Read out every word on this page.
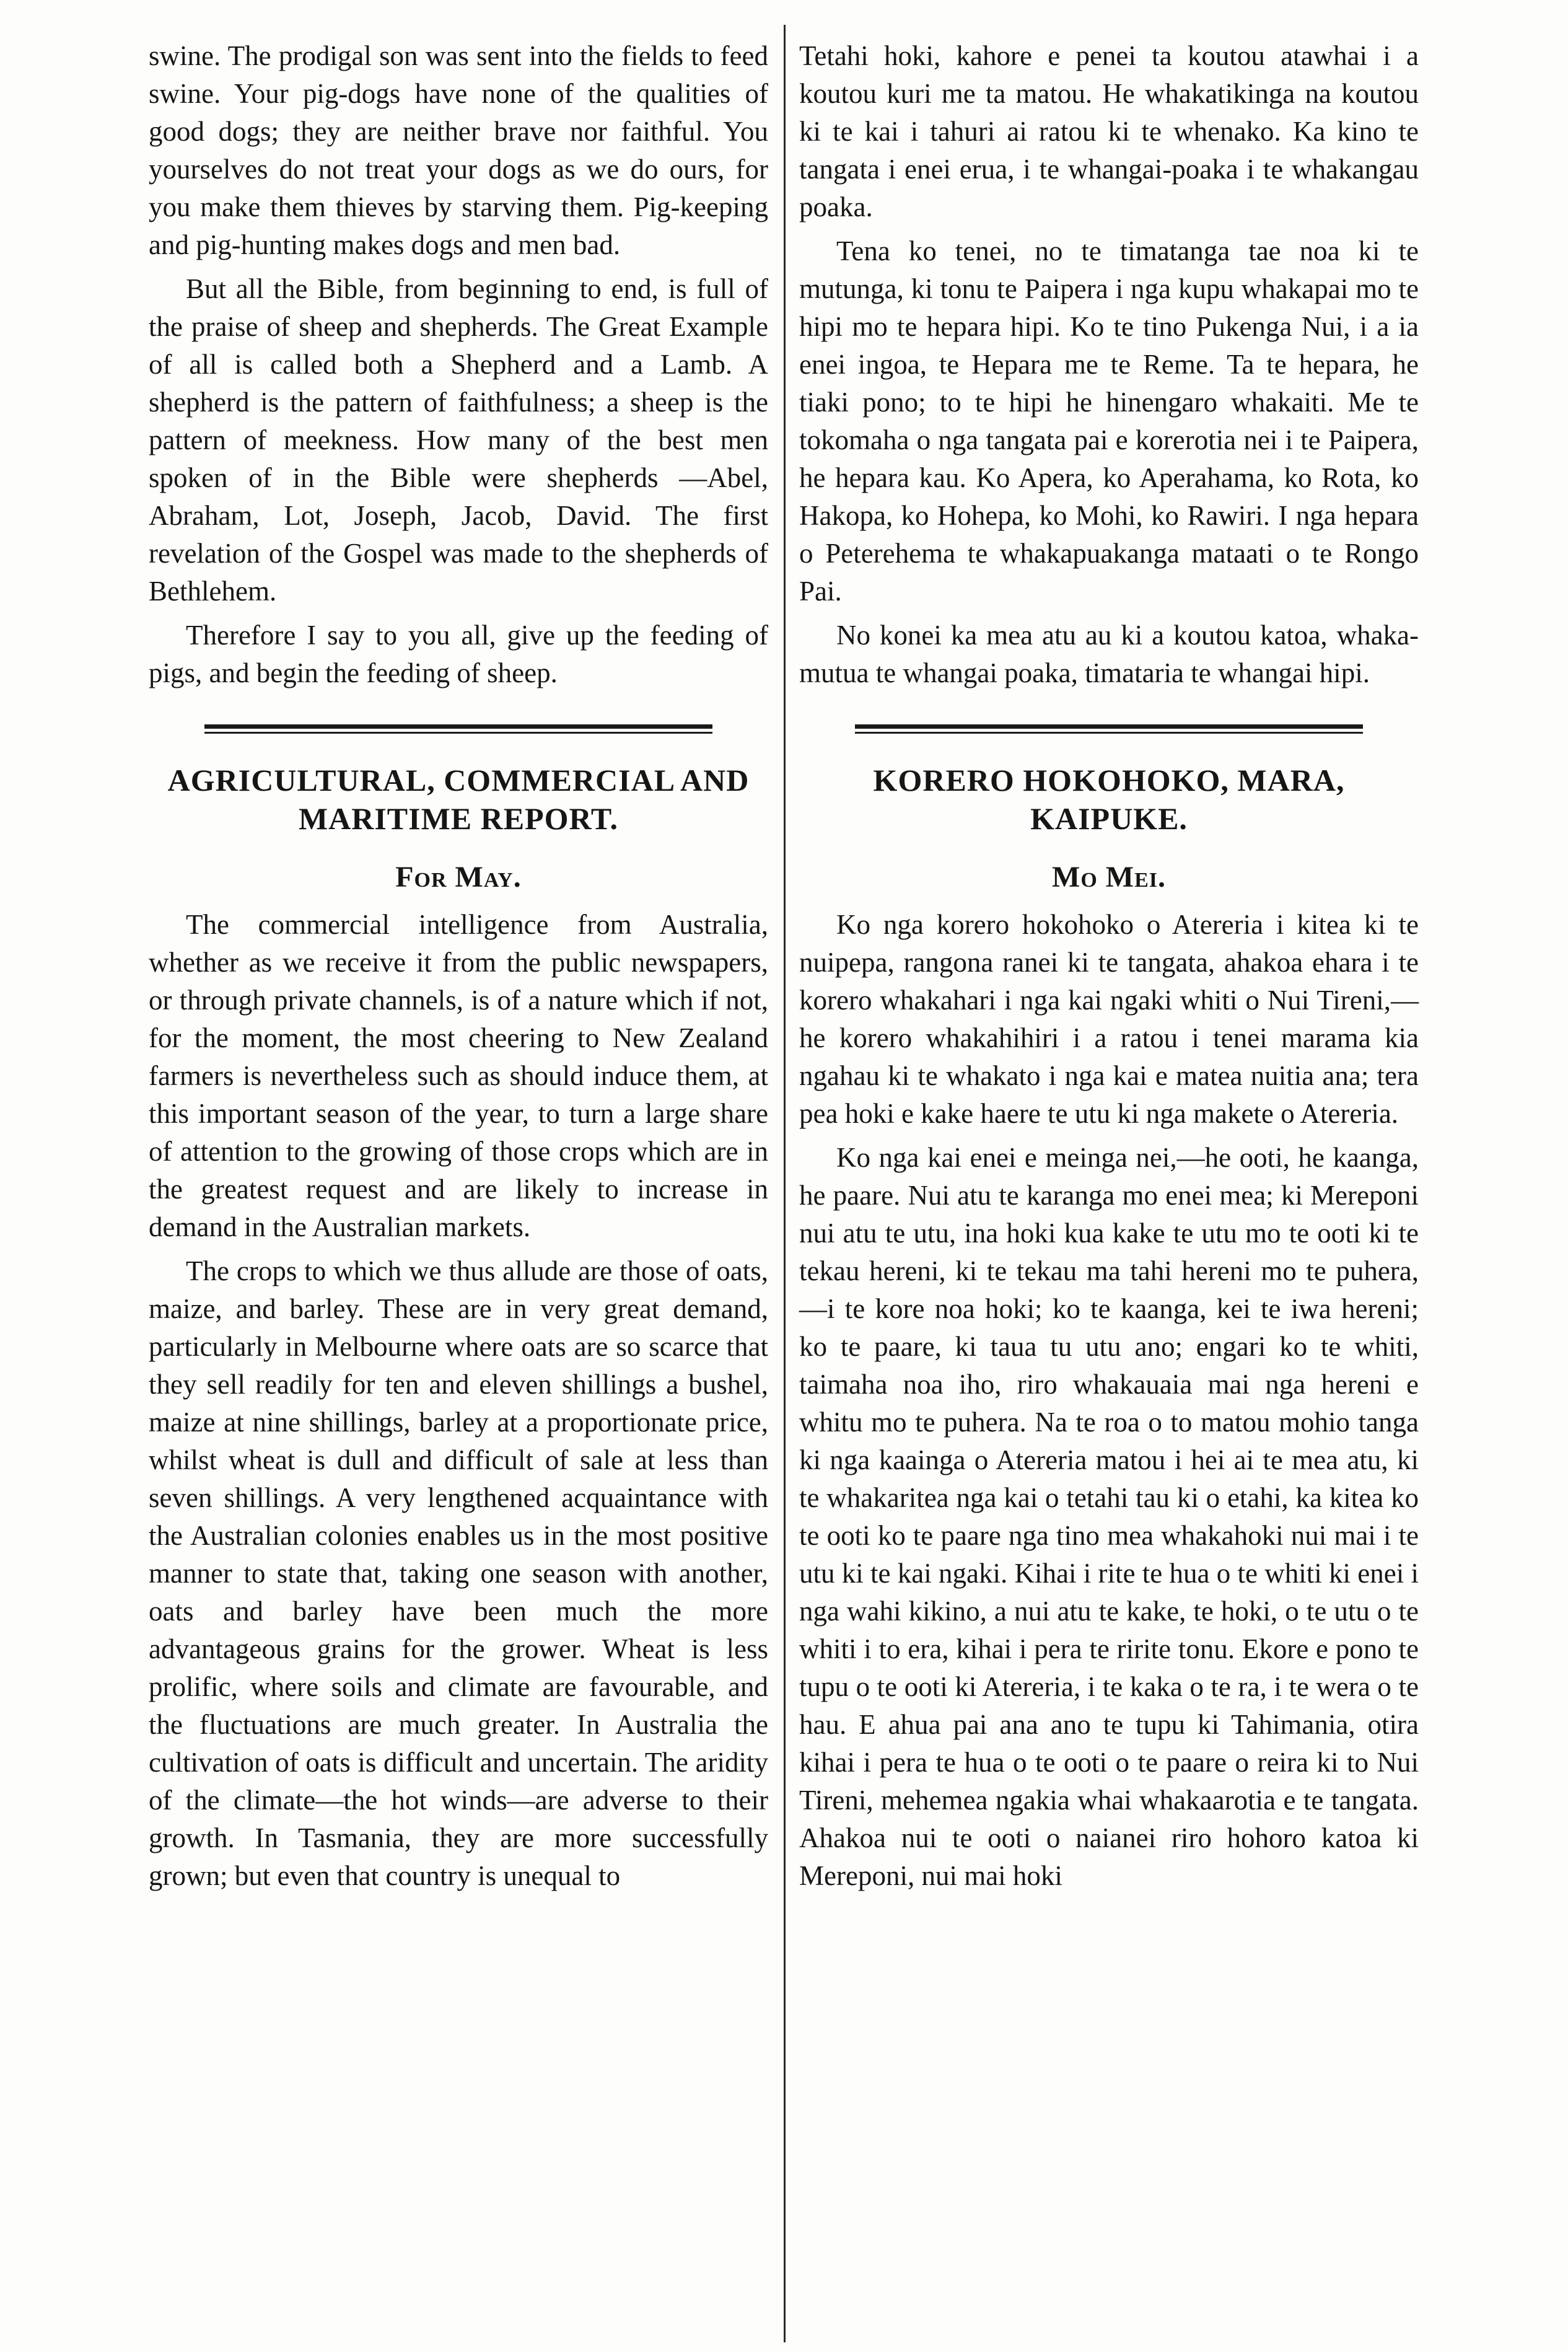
swine. The prodigal son was sent into the fields to feed swine. Your pig-dogs have none of the qualities of good dogs; they are neither brave nor faithful. You yourselves do not treat your dogs as we do ours, for you make them thieves by starving them. Pig-keeping and pig-hunting makes dogs and men bad.

But all the Bible, from beginning to end, is full of the praise of sheep and shepherds. The Great Example of all is called both a Shepherd and a Lamb. A shepherd is the pattern of faithfulness; a sheep is the pattern of meekness. How many of the best men spoken of in the Bible were shepherds —Abel, Abraham, Lot, Joseph, Jacob, David. The first revelation of the Gospel was made to the shepherds of Bethlehem.

Therefore I say to you all, give up the feeding of pigs, and begin the feeding of sheep.

AGRICULTURAL, COMMERCIAL AND MARITIME REPORT.
For May.

The commercial intelligence from Australia, whether as we receive it from the public newspapers, or through private channels, is of a nature which if not, for the moment, the most cheering to New Zealand farmers is nevertheless such as should induce them, at this important season of the year, to turn a large share of attention to the growing of those crops which are in the greatest request and are likely to increase in demand in the Australian markets.

The crops to which we thus allude are those of oats, maize, and barley. These are in very great demand, particularly in Melbourne where oats are so scarce that they sell readily for ten and eleven shillings a bushel, maize at nine shillings, barley at a proportionate price, whilst wheat is dull and difficult of sale at less than seven shillings. A very lengthened acquaintance with the Australian colonies enables us in the most positive manner to state that, taking one season with another, oats and barley have been much the more advantageous grains for the grower. Wheat is less prolific, where soils and climate are favourable, and the fluctuations are much greater. In Australia the cultivation of oats is difficult and uncertain. The aridity of the climate—the hot winds—are adverse to their growth. In Tasmania, they are more successfully grown; but even that country is unequal to

Tetahi hoki, kahore e penei ta koutou atawhai i a koutou kuri me ta matou. He whakatikinga na koutou ki te kai i tahuri ai ratou ki te whenako. Ka kino te tangata i enei erua, i te whangai-poaka i te whakangau poaka.

Tena ko tenei, no te timatanga tae noa ki te mutunga, ki tonu te Paipera i nga kupu whakapai mo te hipi mo te hepara hipi. Ko te tino Pukenga Nui, i a ia enei ingoa, te Hepara me te Reme. Ta te hepara, he tiaki pono; to te hipi he hinengaro whakaiti. Me te tokomaha o nga tangata pai e korerotia nei i te Paipera, he hepara kau. Ko Apera, ko Aperahama, ko Rota, ko Hakopa, ko Hohepa, ko Mohi, ko Rawiri. I nga hepara o Peterehema te whakapuakanga mataati o te Rongo Pai.

No konei ka mea atu au ki a koutou katoa, whaka-mutua te whangai poaka, timataria te whangai hipi.

KORERO HOKOHOKO, MARA, KAIPUKE.
Mo Mei.

Ko nga korero hokohoko o Atereria i kitea ki te nuipepa, rangona ranei ki te tangata, ahakoa ehara i te korero whakahari i nga kai ngaki whiti o Nui Tireni,—he korero whakahihiri i a ratou i tenei marama kia ngahau ki te whakato i nga kai e matea nuitia ana; tera pea hoki e kake haere te utu ki nga makete o Atereria.

Ko nga kai enei e meinga nei,—he ooti, he kaanga, he paare. Nui atu te karanga mo enei mea; ki Mereponi nui atu te utu, ina hoki kua kake te utu mo te ooti ki te tekau hereni, ki te tekau ma tahi hereni mo te puhera,—i te kore noa hoki; ko te kaanga, kei te iwa hereni; ko te paare, ki taua tu utu ano; engari ko te whiti, taimaha noa iho, riro whakauaia mai nga hereni e whitu mo te puhera. Na te roa o to matou mohio tanga ki nga kaainga o Atereria matou i hei ai te mea atu, ki te whakaritea nga kai o tetahi tau ki o etahi, ka kitea ko te ooti ko te paare nga tino mea whakahoki nui mai i te utu ki te kai ngaki. Kihai i rite te hua o te whiti ki enei i nga wahi kikino, a nui atu te kake, te hoki, o te utu o te whiti i to era, kihai i pera te ririte tonu. Ekore e pono te tupu o te ooti ki Atereria, i te kaka o te ra, i te wera o te hau. E ahua pai ana ano te tupu ki Tahimania, otira kihai i pera te hua o te ooti o te paare o reira ki to Nui Tireni, mehemea ngakia whai whakaarotia e te tangata. Ahakoa nui te ooti o naianei riro hohoro katoa ki Mereponi, nui mai hoki
